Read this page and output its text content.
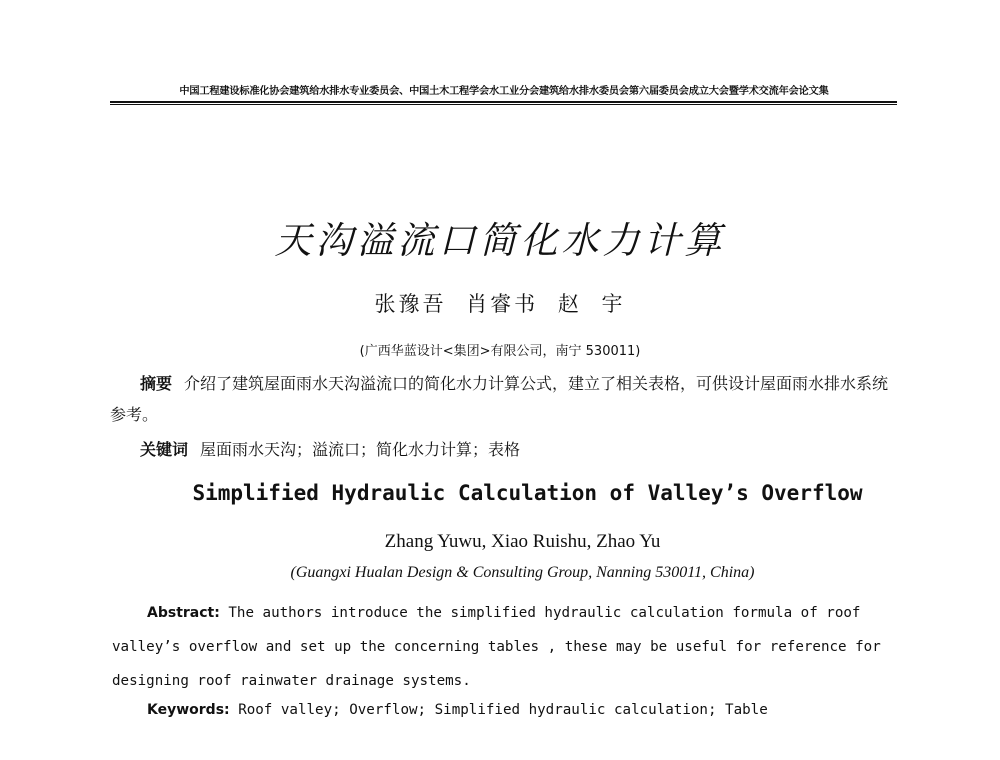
中国工程建设标准化协会建筑给水排水专业委员会、中国土木工程学会水工业分会建筑给水排水委员会第六届委员会成立大会暨学术交流年会论文集
天沟溢流口简化水力计算
张豫吾 肖睿书 赵 宇
(广西华蓝设计<集团>有限公司，南宁 530011)
摘要 介绍了建筑屋面雨水天沟溢流口的简化水力计算公式，建立了相关表格，可供设计屋面雨水排水系统参考。
关键词 屋面雨水天沟；溢流口；简化水力计算；表格
Simplified Hydraulic Calculation of Valley’s Overflow
Zhang Yuwu, Xiao Ruishu, Zhao Yu
(Guangxi Hualan Design & Consulting Group, Nanning 530011, China)
Abstract: The authors introduce the simplified hydraulic calculation formula of roof valley’s overflow and set up the concerning tables , these may be useful for reference for designing roof rainwater drainage systems.
Keywords: Roof valley; Overflow; Simplified hydraulic calculation; Table
